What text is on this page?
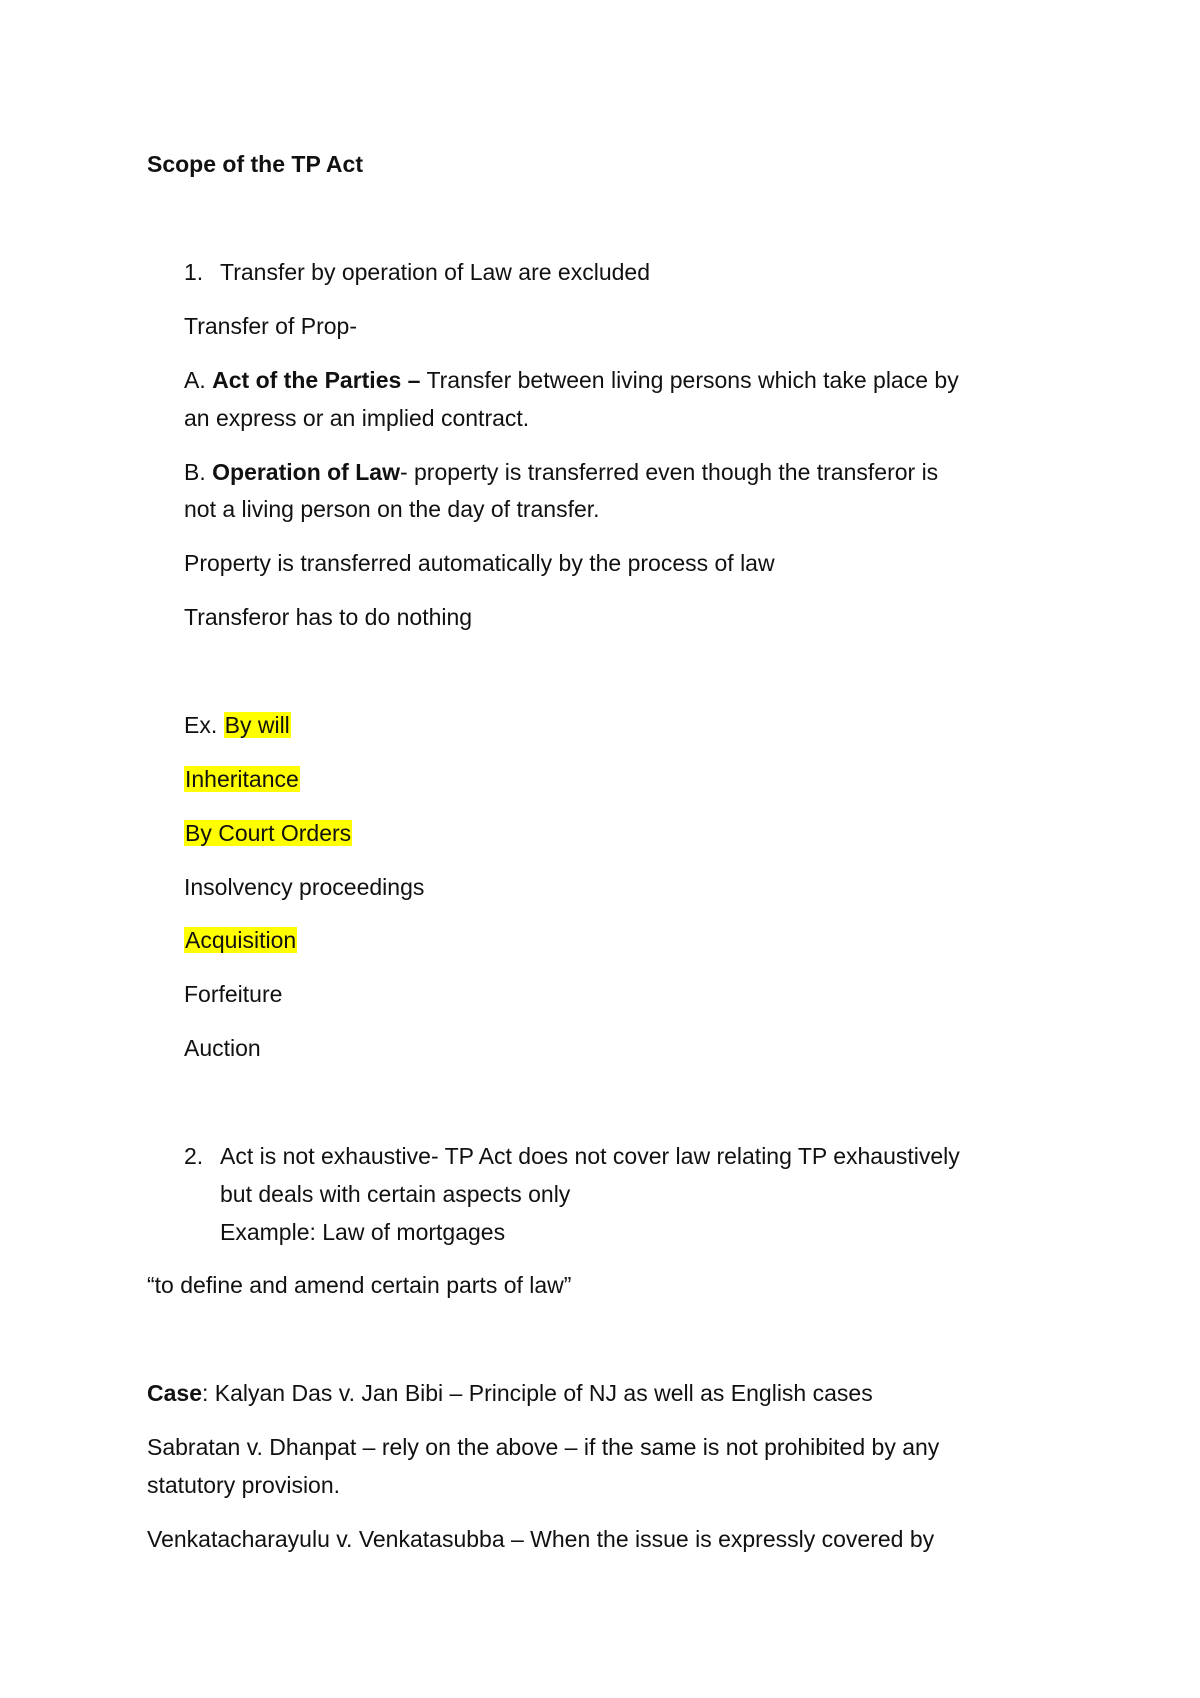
Scope of the TP Act
1. Transfer by operation of Law are excluded
Transfer of Prop-
A. Act of the Parties – Transfer between living persons which take place by
an express or an implied contract.
B. Operation of Law- property is transferred even though the transferor is
not a living person on the day of transfer.
Property is transferred automatically by the process of law
Transferor has to do nothing
Ex. By will
Inheritance
By Court Orders
Insolvency proceedings
Acquisition
Forfeiture
Auction
2. Act is not exhaustive- TP Act does not cover law relating TP exhaustively
but deals with certain aspects only
Example: Law of mortgages
“to define and amend certain parts of law”
Case: Kalyan Das v. Jan Bibi – Principle of NJ as well as English cases
Sabratan v. Dhanpat – rely on the above – if the same is not prohibited by any
statutory provision.
Venkatacharayulu v. Venkatasubba – When the issue is expressly covered by
